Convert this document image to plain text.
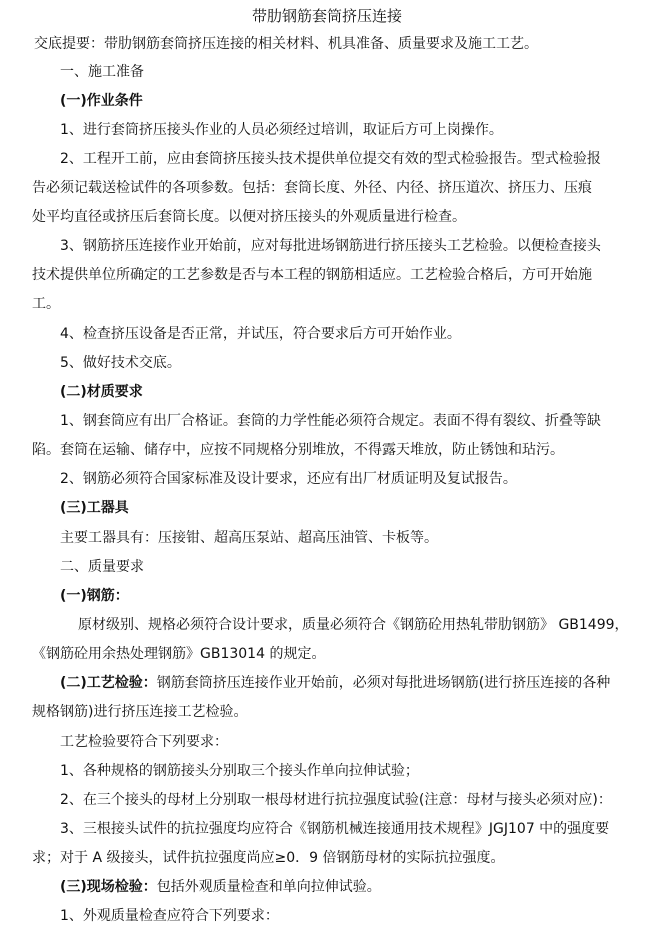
带肋钢筋套筒挤压连接
交底提要：带肋钢筋套筒挤压连接的相关材料、机具准备、质量要求及施工工艺。
一、施工准备
(一)作业条件
1、进行套筒挤压接头作业的人员必须经过培训，取证后方可上岗操作。
2、工程开工前，应由套筒挤压接头技术提供单位提交有效的型式检验报告。型式检验报
告必须记载送检试件的各项参数。包括：套筒长度、外径、内径、挤压道次、挤压力、压痕
处平均直径或挤压后套筒长度。以便对挤压接头的外观质量进行检查。
3、钢筋挤压连接作业开始前，应对每批进场钢筋进行挤压接头工艺检验。以便检查接头
技术提供单位所确定的工艺参数是否与本工程的钢筋相适应。工艺检验合格后，方可开始施
工。
4、检查挤压设备是否正常，并试压，符合要求后方可开始作业。
5、做好技术交底。
(二)材质要求
1、钢套筒应有出厂合格证。套筒的力学性能必须符合规定。表面不得有裂纹、折叠等缺
陷。套筒在运输、储存中，应按不同规格分别堆放，不得露天堆放，防止锈蚀和玷污。
2、钢筋必须符合国家标准及设计要求，还应有出厂材质证明及复试报告。
(三)工器具
主要工器具有：压接钳、超高压泵站、超高压油管、卡板等。
二、质量要求
(一)钢筋：
原材级别、规格必须符合设计要求，质量必须符合《钢筋砼用热轧带肋钢筋》 GB1499，
《钢筋砼用余热处理钢筋》GB13014 的规定。
(二)工艺检验：钢筋套筒挤压连接作业开始前，必须对每批进场钢筋(进行挤压连接的各种
规格钢筋)进行挤压连接工艺检验。
工艺检验要符合下列要求：
1、各种规格的钢筋接头分别取三个接头作单向拉伸试验；
2、在三个接头的母材上分别取一根母材进行抗拉强度试验(注意：母材与接头必须对应)：
3、三根接头试件的抗拉强度均应符合《钢筋机械连接通用技术规程》JGJ107 中的强度要
求；对于 A 级接头，试件抗拉强度尚应≥0．9 倍钢筋母材的实际抗拉强度。
(三)现场检验：包括外观质量检查和单向拉伸试验。
1、外观质量检查应符合下列要求：
